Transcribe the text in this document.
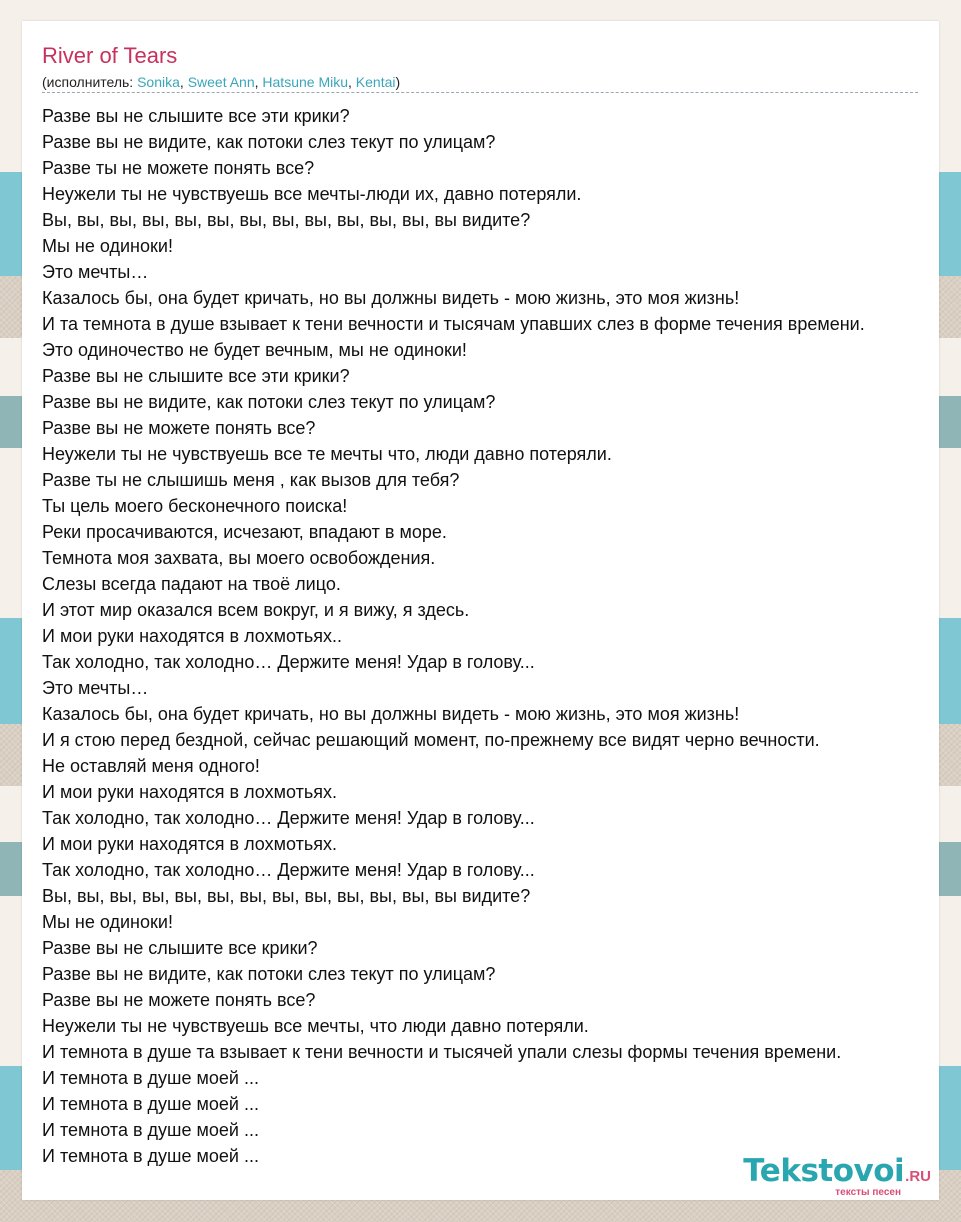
River of Tears
(исполнитель: Sonika, Sweet Ann, Hatsune Miku, Kentai)
Разве вы не слышите все эти крики?
Разве вы не видите, как потоки слез текут по улицам?
Разве ты не можете понять все?
Неужели ты не чувствуешь все мечты-люди их, давно потеряли.
Вы, вы, вы, вы, вы, вы, вы, вы, вы, вы, вы, вы, вы видите?
Мы не одиноки!
Это мечты…
Казалось бы, она будет кричать, но вы должны видеть - мою жизнь, это моя жизнь!
И та темнота в душе взывает к тени вечности и тысячам упавших слез в форме течения времени.
Это одиночество не будет вечным, мы не одиноки!
Разве вы не слышите все эти крики?
Разве вы не видите, как потоки слез текут по улицам?
Разве вы не можете понять все?
Неужели ты не чувствуешь все те мечты что, люди давно потеряли.
Разве ты не слышишь меня , как вызов для тебя?
Ты цель моего бесконечного поиска!
Реки просачиваются, исчезают, впадают в море.
Темнота моя захвата, вы моего освобождения.
Слезы всегда падают на твоё лицо.
И этот мир оказался всем вокруг, и я вижу, я здесь.
И мои руки находятся в лохмотьях..
Так холодно, так холодно… Держите меня! Удар в голову...
Это мечты…
Казалось бы, она будет кричать, но вы должны видеть - мою жизнь, это моя жизнь!
И я стою перед бездной, сейчас решающий момент, по-прежнему все видят черно вечности.
Не оставляй меня одного!
И мои руки находятся в лохмотьях.
Так холодно, так холодно… Держите меня! Удар в голову...
И мои руки находятся в лохмотьях.
Так холодно, так холодно… Держите меня! Удар в голову...
Вы, вы, вы, вы, вы, вы, вы, вы, вы, вы, вы, вы, вы видите?
Мы не одиноки!
Разве вы не слышите все крики?
Разве вы не видите, как потоки слез текут по улицам?
Разве вы не можете понять все?
Неужели ты не чувствуешь все мечты, что люди давно потеряли.
И темнота в душе та взывает к тени вечности и тысячей упали слезы формы течения времени.
И темнота в душе моей ...
И темнота в душе моей ...
И темнота в душе моей ...
И темнота в душе моей ...	Tekstovoi.RU
тексты песен
